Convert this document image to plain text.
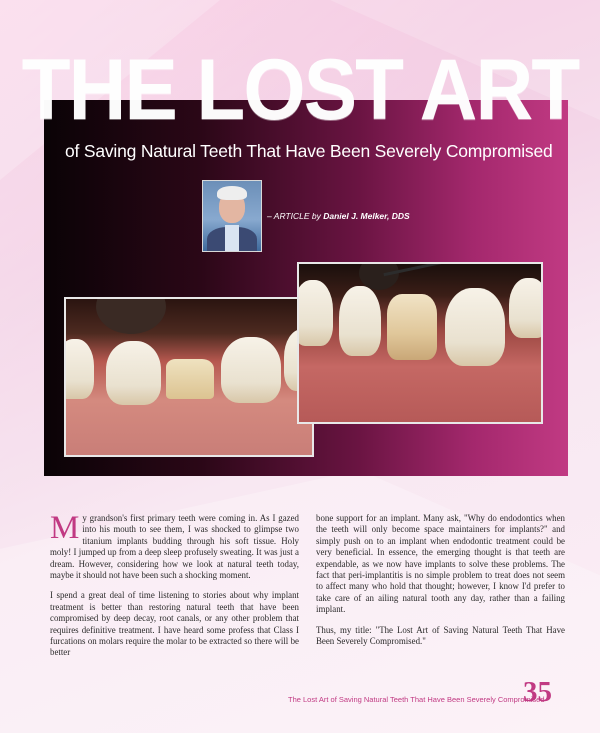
THE LOST ART
of Saving Natural Teeth That Have Been Severely Compromised
– ARTICLE by Daniel J. Melker, DDS

My grandson's first primary teeth were coming in. As I gazed into his mouth to see them, I was shocked to glimpse two titanium implants budding through his soft tissue. Holy moly! I jumped up from a deep sleep profusely sweating. It was just a dream. However, considering how we look at natural teeth today, maybe it should not have been such a shocking moment.

I spend a great deal of time listening to stories about why implant treatment is better than restoring natural teeth that have been compromised by deep decay, root canals, or any other problem that requires definitive treatment. I have heard some profess that Class I furcations on molars require the molar to be extracted so there will be better

bone support for an implant. Many ask, "Why do endodontics when the teeth will only become space maintainers for implants?" and simply push on to an implant when endodontic treatment could be very beneficial. In essence, the emerging thought is that teeth are expendable, as we now have implants to solve these problems. The fact that peri-implantitis is no simple problem to treat does not seem to affect many who hold that thought; however, I know I'd prefer to take care of an ailing natural tooth any day, rather than a failing implant.

Thus, my title: "The Lost Art of Saving Natural Teeth That Have Been Severely Compromised."

The Lost Art of Saving Natural Teeth That Have Been Severely Compromised
35
